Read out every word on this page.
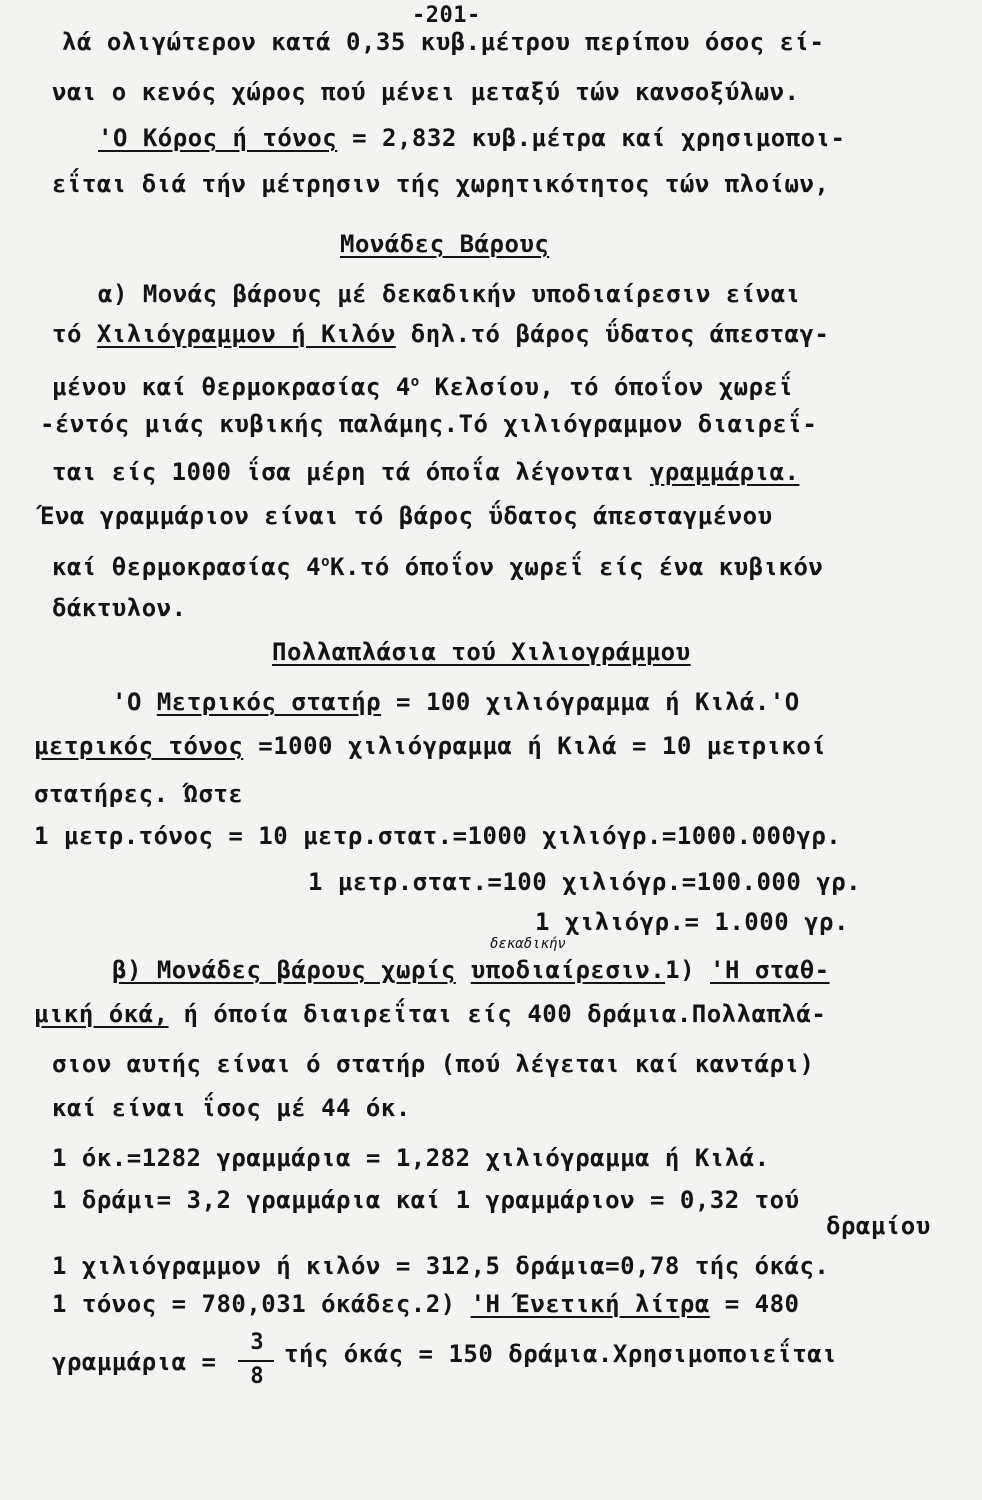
-201-
λά ολιγώτερον κατά 0,35 κυβ.μέτρου περίπου όσος εί-
ναι ο κενός χώρος πού μένει μεταξύ τών κανσοξύλων.
'Ο Κόρος ή τόνος = 2,832 κυβ.μέτρα καί χρησιμοποι-
εΐται διά τήν μέτρησιν τής χωρητικότητος τών πλοίων,
Μονάδες Βάρους
α) Μονάς βάρους μέ δεκαδικήν υποδιαίρεσιν είναι
τό Χιλιόγραμμον ή Κιλόν δηλ.τό βάρος ΰδατος άπεσταγ-
μένου καί θερμοκρασίας $4^o$ Κελσίου, τό όποΐον χωρεΐ
-έντός μιάς κυβικής παλάμης.Τό χιλιόγραμμον διαιρεΐ-
ται είς 1000 ΐσα μέρη τά όποΐα λέγονται γραμμάρια.
Ένα γραμμάριον είναι τό βάρος ΰδατος άπεσταγμένου
καί θερμοκρασίας $4^oK.\tau ό$ όποΐον χωρεΐ είς ένα κυβικόν
δάκτυλον.
Πολλαπλάσια τού Χιλιογράμμου
'Ο Μετρικός στατήρ = 100 χιλιόγραμμα ή Κιλά.'Ο
μετρικός τόνος =1000 χιλιόγραμμα ή Κιλά = 10 μετρικοί
στατήρες. Ώστε
1 μετρ.τόνος = 10 μετρ.στατ.=1000 χιλιόγρ.=1000.000γρ.
1 μετρ.στατ.=100 χιλιόγρ.=100.000 γρ.
1 χιλιόγρ.= 1.000 γρ.
δεκαδικήν
β) Μονάδες βάρους χωρίς υποδιαίρεσιν.1) 'Η σταθ-
μική όκά, ή όποία διαιρεΐται είς 400 δράμια.Πολλαπλά-
σιον αυτής είναι ό στατήρ (πού λέγεται καί καντάρι)
καί είναι ΐσος μέ 44 όκ.
1 όκ.=1282 γραμμάρια = 1,282 χιλιόγραμμα ή Κιλά.
1 δράμι= 3,2 γραμμάρια καί 1 γραμμάριον = 0,32 τού
δραμίου
1 χιλιόγραμμον ή κιλόν = 312,5 δράμια=0,78 τής όκάς.
1 τόνος = 780,031 όκάδες.2) 'Η Ένετική λίτρα = 480
γραμμάρια =
3
8
τής όκάς = 150 δράμια.Χρησιμοποιεΐται
